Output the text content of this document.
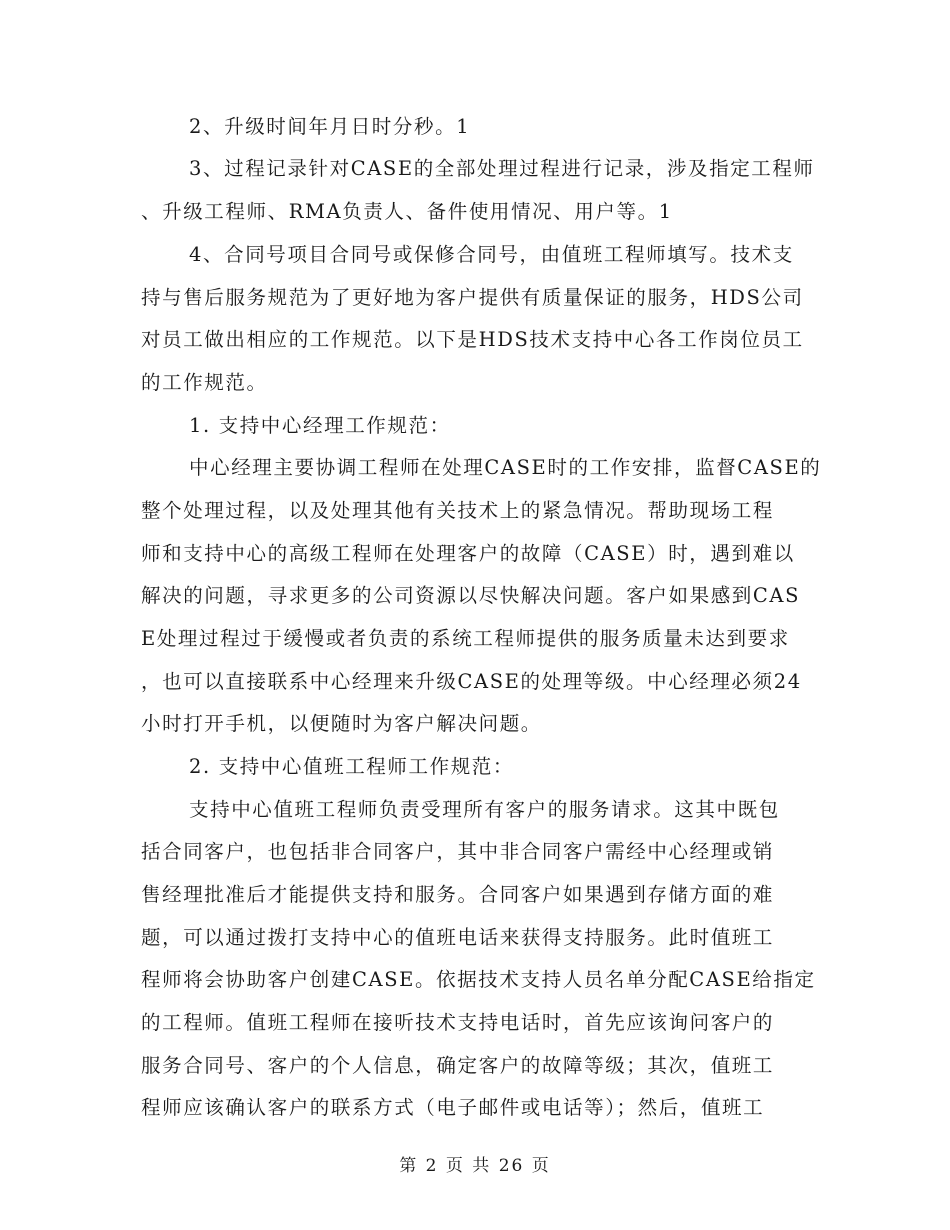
2、升级时间年月日时分秒。1
3、过程记录针对CASE的全部处理过程进行记录，涉及指定工程师
、升级工程师、RMA负责人、备件使用情况、用户等。1
4、合同号项目合同号或保修合同号，由值班工程师填写。技术支
持与售后服务规范为了更好地为客户提供有质量保证的服务，HDS公司
对员工做出相应的工作规范。以下是HDS技术支持中心各工作岗位员工
的工作规范。
1. 支持中心经理工作规范：
中心经理主要协调工程师在处理CASE时的工作安排，监督CASE的
整个处理过程，以及处理其他有关技术上的紧急情况。帮助现场工程
师和支持中心的高级工程师在处理客户的故障（CASE）时，遇到难以
解决的问题，寻求更多的公司资源以尽快解决问题。客户如果感到CAS
E处理过程过于缓慢或者负责的系统工程师提供的服务质量未达到要求
，也可以直接联系中心经理来升级CASE的处理等级。中心经理必须24
小时打开手机，以便随时为客户解决问题。
2. 支持中心值班工程师工作规范：
支持中心值班工程师负责受理所有客户的服务请求。这其中既包
括合同客户，也包括非合同客户，其中非合同客户需经中心经理或销
售经理批准后才能提供支持和服务。合同客户如果遇到存储方面的难
题，可以通过拨打支持中心的值班电话来获得支持服务。此时值班工
程师将会协助客户创建CASE。依据技术支持人员名单分配CASE给指定
的工程师。值班工程师在接听技术支持电话时，首先应该询问客户的
服务合同号、客户的个人信息，确定客户的故障等级；其次，值班工
程师应该确认客户的联系方式（电子邮件或电话等）；然后，值班工
第 2 页 共 26 页
